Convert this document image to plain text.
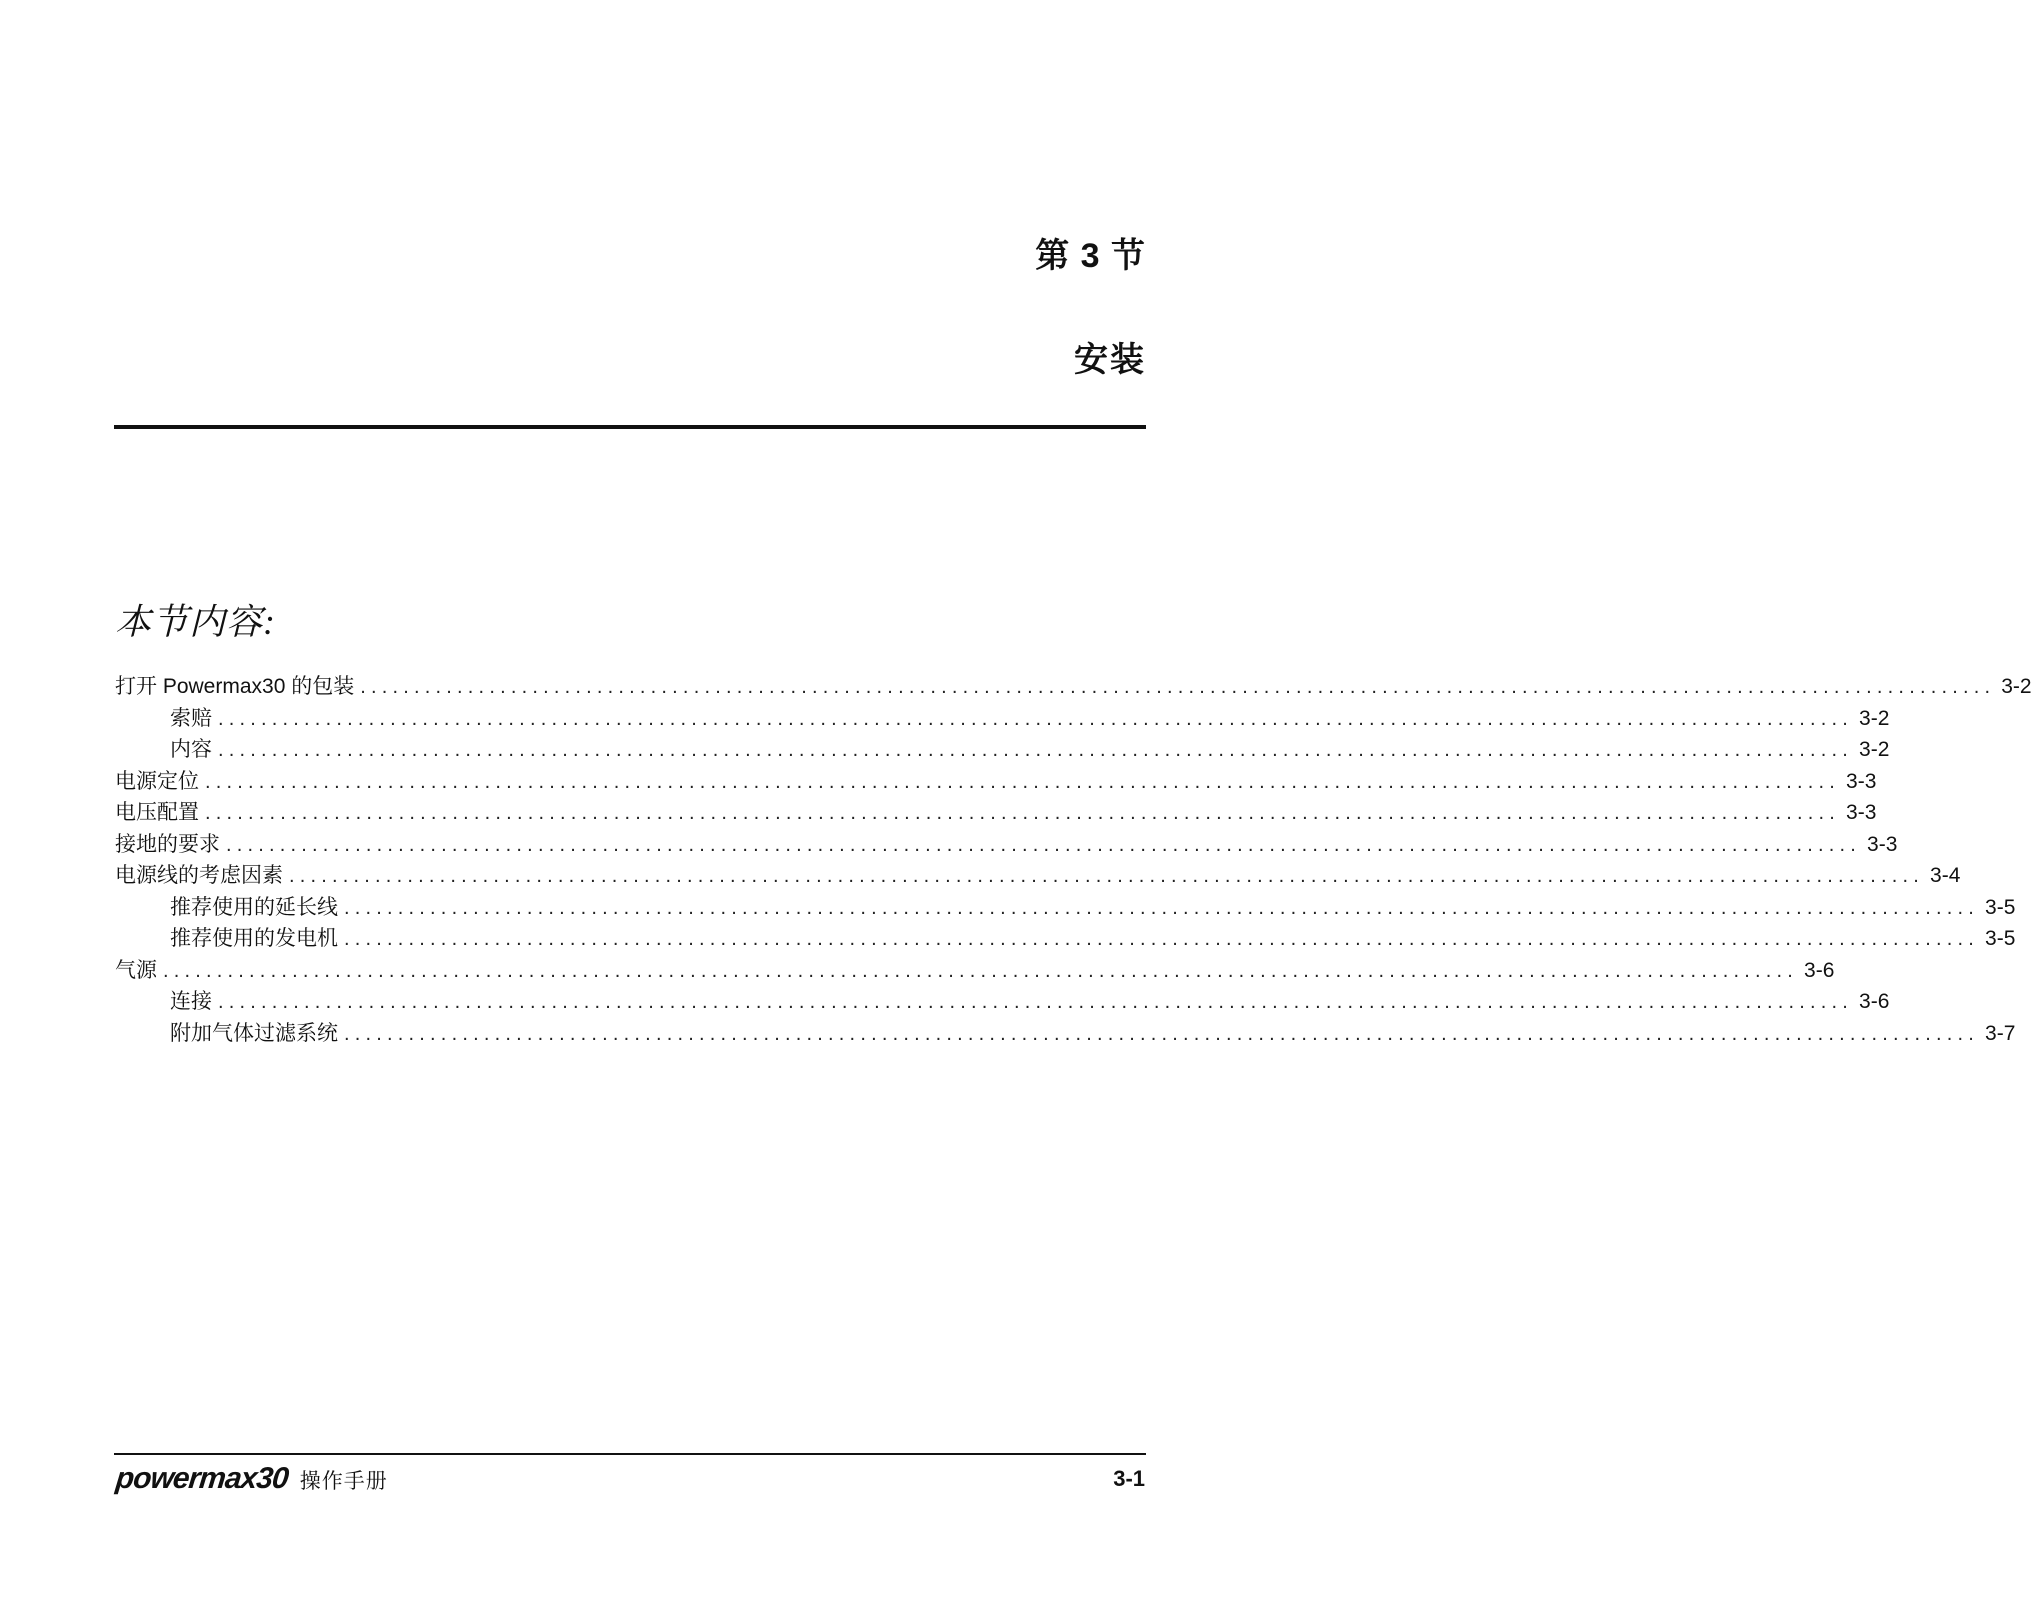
第 3 节
安装
本节内容:
打开 Powermax30 的包装 ........................................................................................................................................................ 3-2
索赔 ........................................................................................................................................................ 3-2
内容 ........................................................................................................................................................ 3-2
电源定位 ........................................................................................................................................................ 3-3
电压配置 ........................................................................................................................................................ 3-3
接地的要求 ........................................................................................................................................................ 3-3
电源线的考虑因素 ........................................................................................................................................................ 3-4
推荐使用的延长线 ........................................................................................................................................................ 3-5
推荐使用的发电机 ........................................................................................................................................................ 3-5
气源 ........................................................................................................................................................ 3-6
连接 ........................................................................................................................................................ 3-6
附加气体过滤系统 ........................................................................................................................................................ 3-7
powermax30 操作手册	3-1
